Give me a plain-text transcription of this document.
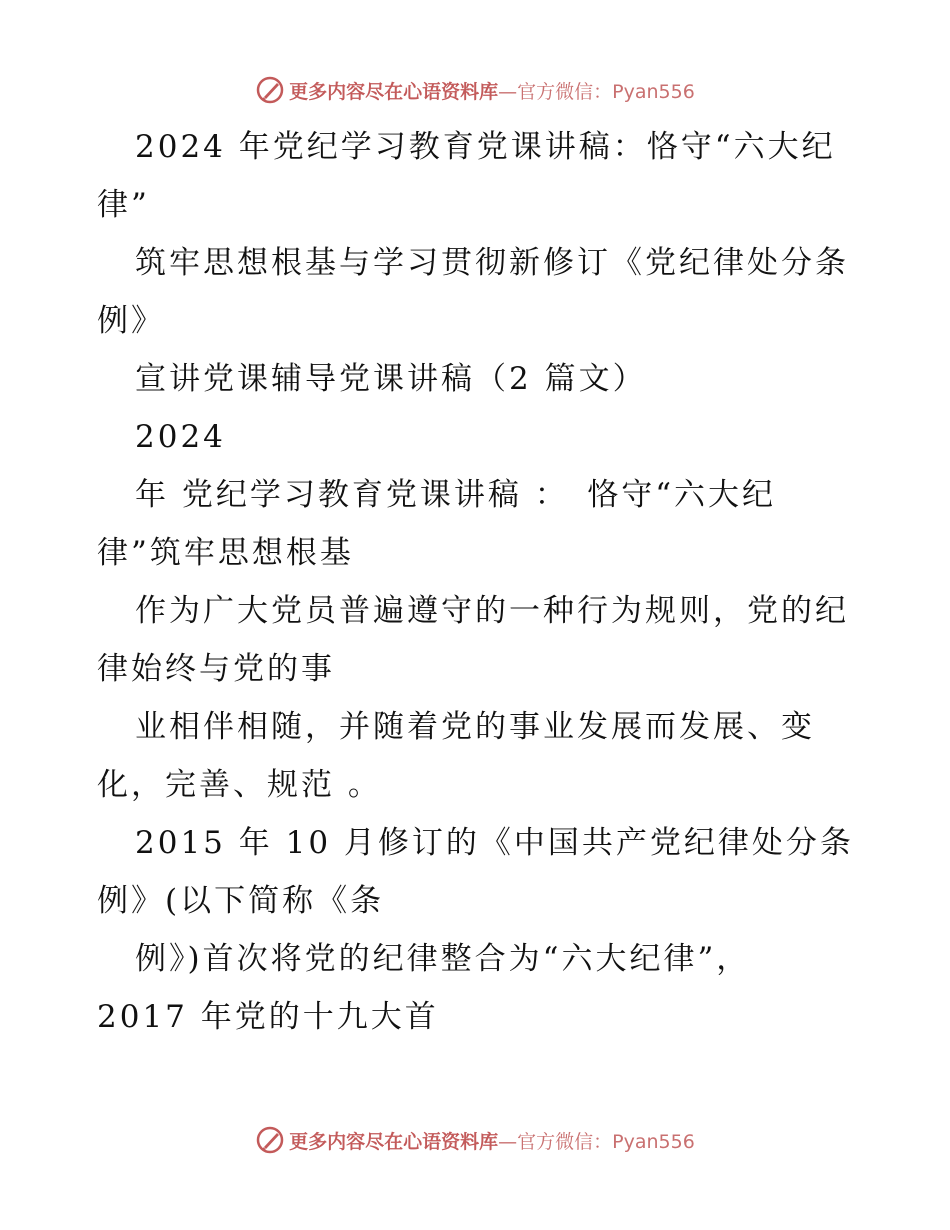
更多内容尽在心语资料库—官方微信：Pyan556
2024 年党纪学习教育党课讲稿：恪守“六大纪
律”
筑牢思想根基与学习贯彻新修订《党纪律处分条
例》
宣讲党课辅导党课讲稿（2 篇文）
2024
年 党纪学习教育党课讲稿 ：　恪守“六大纪
律”筑牢思想根基
作为广大党员普遍遵守的一种行为规则，党的纪
律始终与党的事
业相伴相随，并随着党的事业发展而发展、变
化，完善、规范 。
2015 年 10 月修订的《中国共产党纪律处分条
例》(以下简称《条
例》)首次将党的纪律整合为“六大纪律”，
2017 年党的十九大首
更多内容尽在心语资料库—官方微信：Pyan556
